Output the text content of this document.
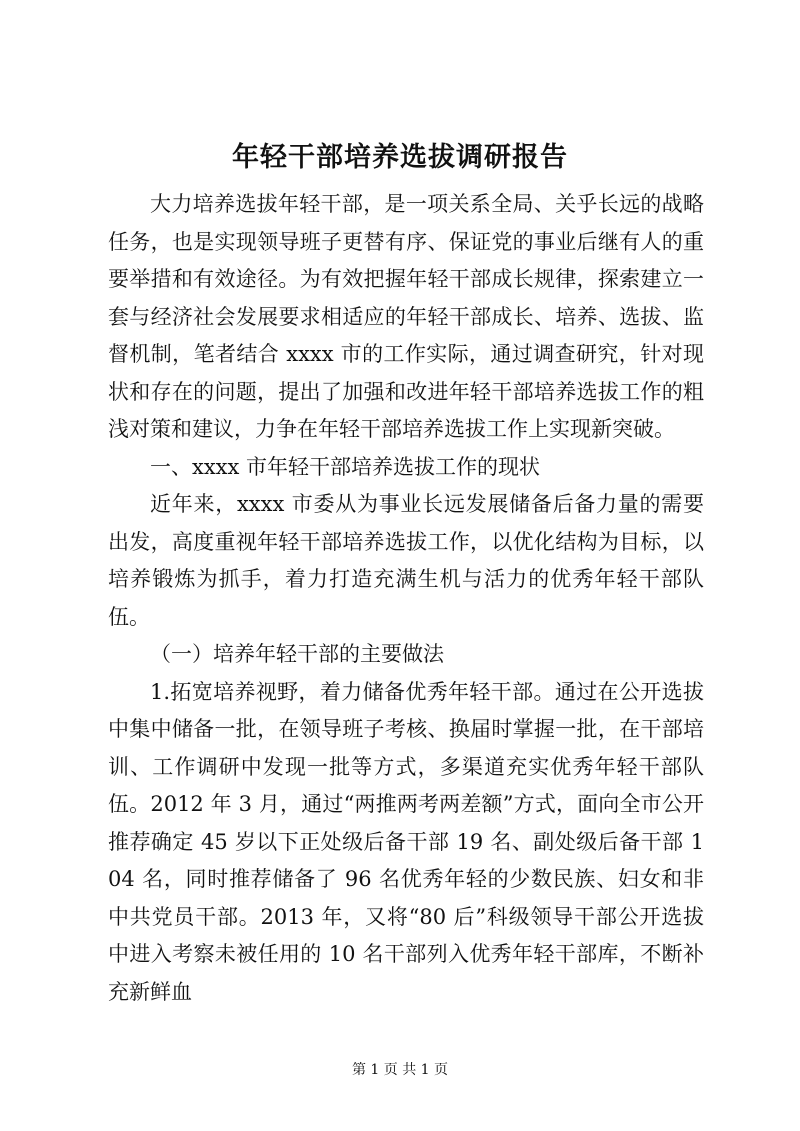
年轻干部培养选拔调研报告

大力培养选拔年轻干部，是一项关系全局、关乎长远的战略任务，也是实现领导班子更替有序、保证党的事业后继有人的重要举措和有效途径。为有效把握年轻干部成长规律，探索建立一套与经济社会发展要求相适应的年轻干部成长、培养、选拔、监督机制，笔者结合 xxxx 市的工作实际，通过调查研究，针对现状和存在的问题，提出了加强和改进年轻干部培养选拔工作的粗浅对策和建议，力争在年轻干部培养选拔工作上实现新突破。

一、xxxx 市年轻干部培养选拔工作的现状

近年来，xxxx 市委从为事业长远发展储备后备力量的需要出发，高度重视年轻干部培养选拔工作，以优化结构为目标，以培养锻炼为抓手，着力打造充满生机与活力的优秀年轻干部队伍。

（一）培养年轻干部的主要做法

1.拓宽培养视野，着力储备优秀年轻干部。通过在公开选拔中集中储备一批，在领导班子考核、换届时掌握一批，在干部培训、工作调研中发现一批等方式，多渠道充实优秀年轻干部队伍。2012 年 3 月，通过“两推两考两差额”方式，面向全市公开推荐确定 45 岁以下正处级后备干部 19 名、副处级后备干部 104 名，同时推荐储备了 96 名优秀年轻的少数民族、妇女和非中共党员干部。2013 年，又将“80 后”科级领导干部公开选拔中进入考察未被任用的 10 名干部列入优秀年轻干部库，不断补充新鲜血

第 1 页 共 1 页
